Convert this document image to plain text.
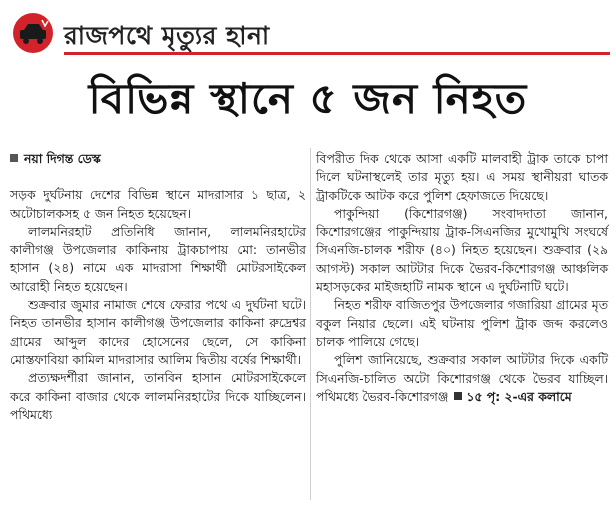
রাজপথে মৃত্যুর হানা
বিভিন্ন স্থানে ৫ জন নিহত
নয়া দিগন্ত ডেস্ক

সড়ক দুর্ঘটনায় দেশের বিভিন্ন স্থানে মাদরাসার ১ ছাত্র, ২ অটোচালকসহ ৫ জন নিহত হয়েছেন।

লালমনিরহাট প্রতিনিধি জানান, লালমনিরহাটের কালীগঞ্জ উপজেলার কাকিনায় ট্রাকচাপায় মো: তানভীর হাসান (২৪) নামে এক মাদরাসা শিক্ষার্থী মোটরসাইকেল আরোহী নিহত হয়েছেন।

শুক্রবার জুমার নামাজ শেষে ফেরার পথে এ দুর্ঘটনা ঘটে। নিহত তানভীর হাসান কালীগঞ্জ উপজেলার কাকিনা রুদ্রেশ্বর গ্রামের আব্দুল কাদের হোসেনের ছেলে, সে কাকিনা মোস্তফাবিয়া কামিল মাদরাসার আলিম দ্বিতীয় বর্ষের শিক্ষার্থী।

প্রত্যক্ষদর্শীরা জানান, তানবিন হাসান মোটরসাইকেলে করে কাকিনা বাজার থেকে লালমনিরহাটের দিকে যাচ্ছিলেন। পথিমধ্যে

বিপরীত দিক থেকে আসা একটি মালবাহী ট্রাক তাকে চাপা দিলে ঘটনাস্থলেই তার মৃত্যু হয়। এ সময় স্থানীয়রা ঘাতক ট্রাকটিকে আটক করে পুলিশ হেফাজতে দিয়েছে।

পাকুন্দিয়া (কিশোরগঞ্জ) সংবাদদাতা জানান, কিশোরগঞ্জের পাকুন্দিয়ায় ট্রাক-সিএনজির মুখোমুখি সংঘর্ষে সিএনজি-চালক শরীফ (৪০) নিহত হয়েছেন। শুক্রবার (২৯ আগস্ট) সকাল আটটার দিকে ভৈরব-কিশোরগঞ্জ আঞ্চলিক মহাসড়কের মাইজহাটি নামক স্থানে এ দুর্ঘটনাটি ঘটে।

নিহত শরীফ বাজিতপুর উপজেলার গজারিয়া গ্রামের মৃত বকুল নিয়ার ছেলে। এই ঘটনায় পুলিশ ট্রাক জব্দ করলেও চালক পালিয়ে গেছে।

পুলিশ জানিয়েছে, শুক্রবার সকাল আটটার দিকে একটি সিএনজি-চালিত অটো কিশোরগঞ্জ থেকে ভৈরব যাচ্ছিল। পথিমধ্যে ভৈরব-কিশোরগঞ্জ ১৫ পৃ: ২-এর কলামে
